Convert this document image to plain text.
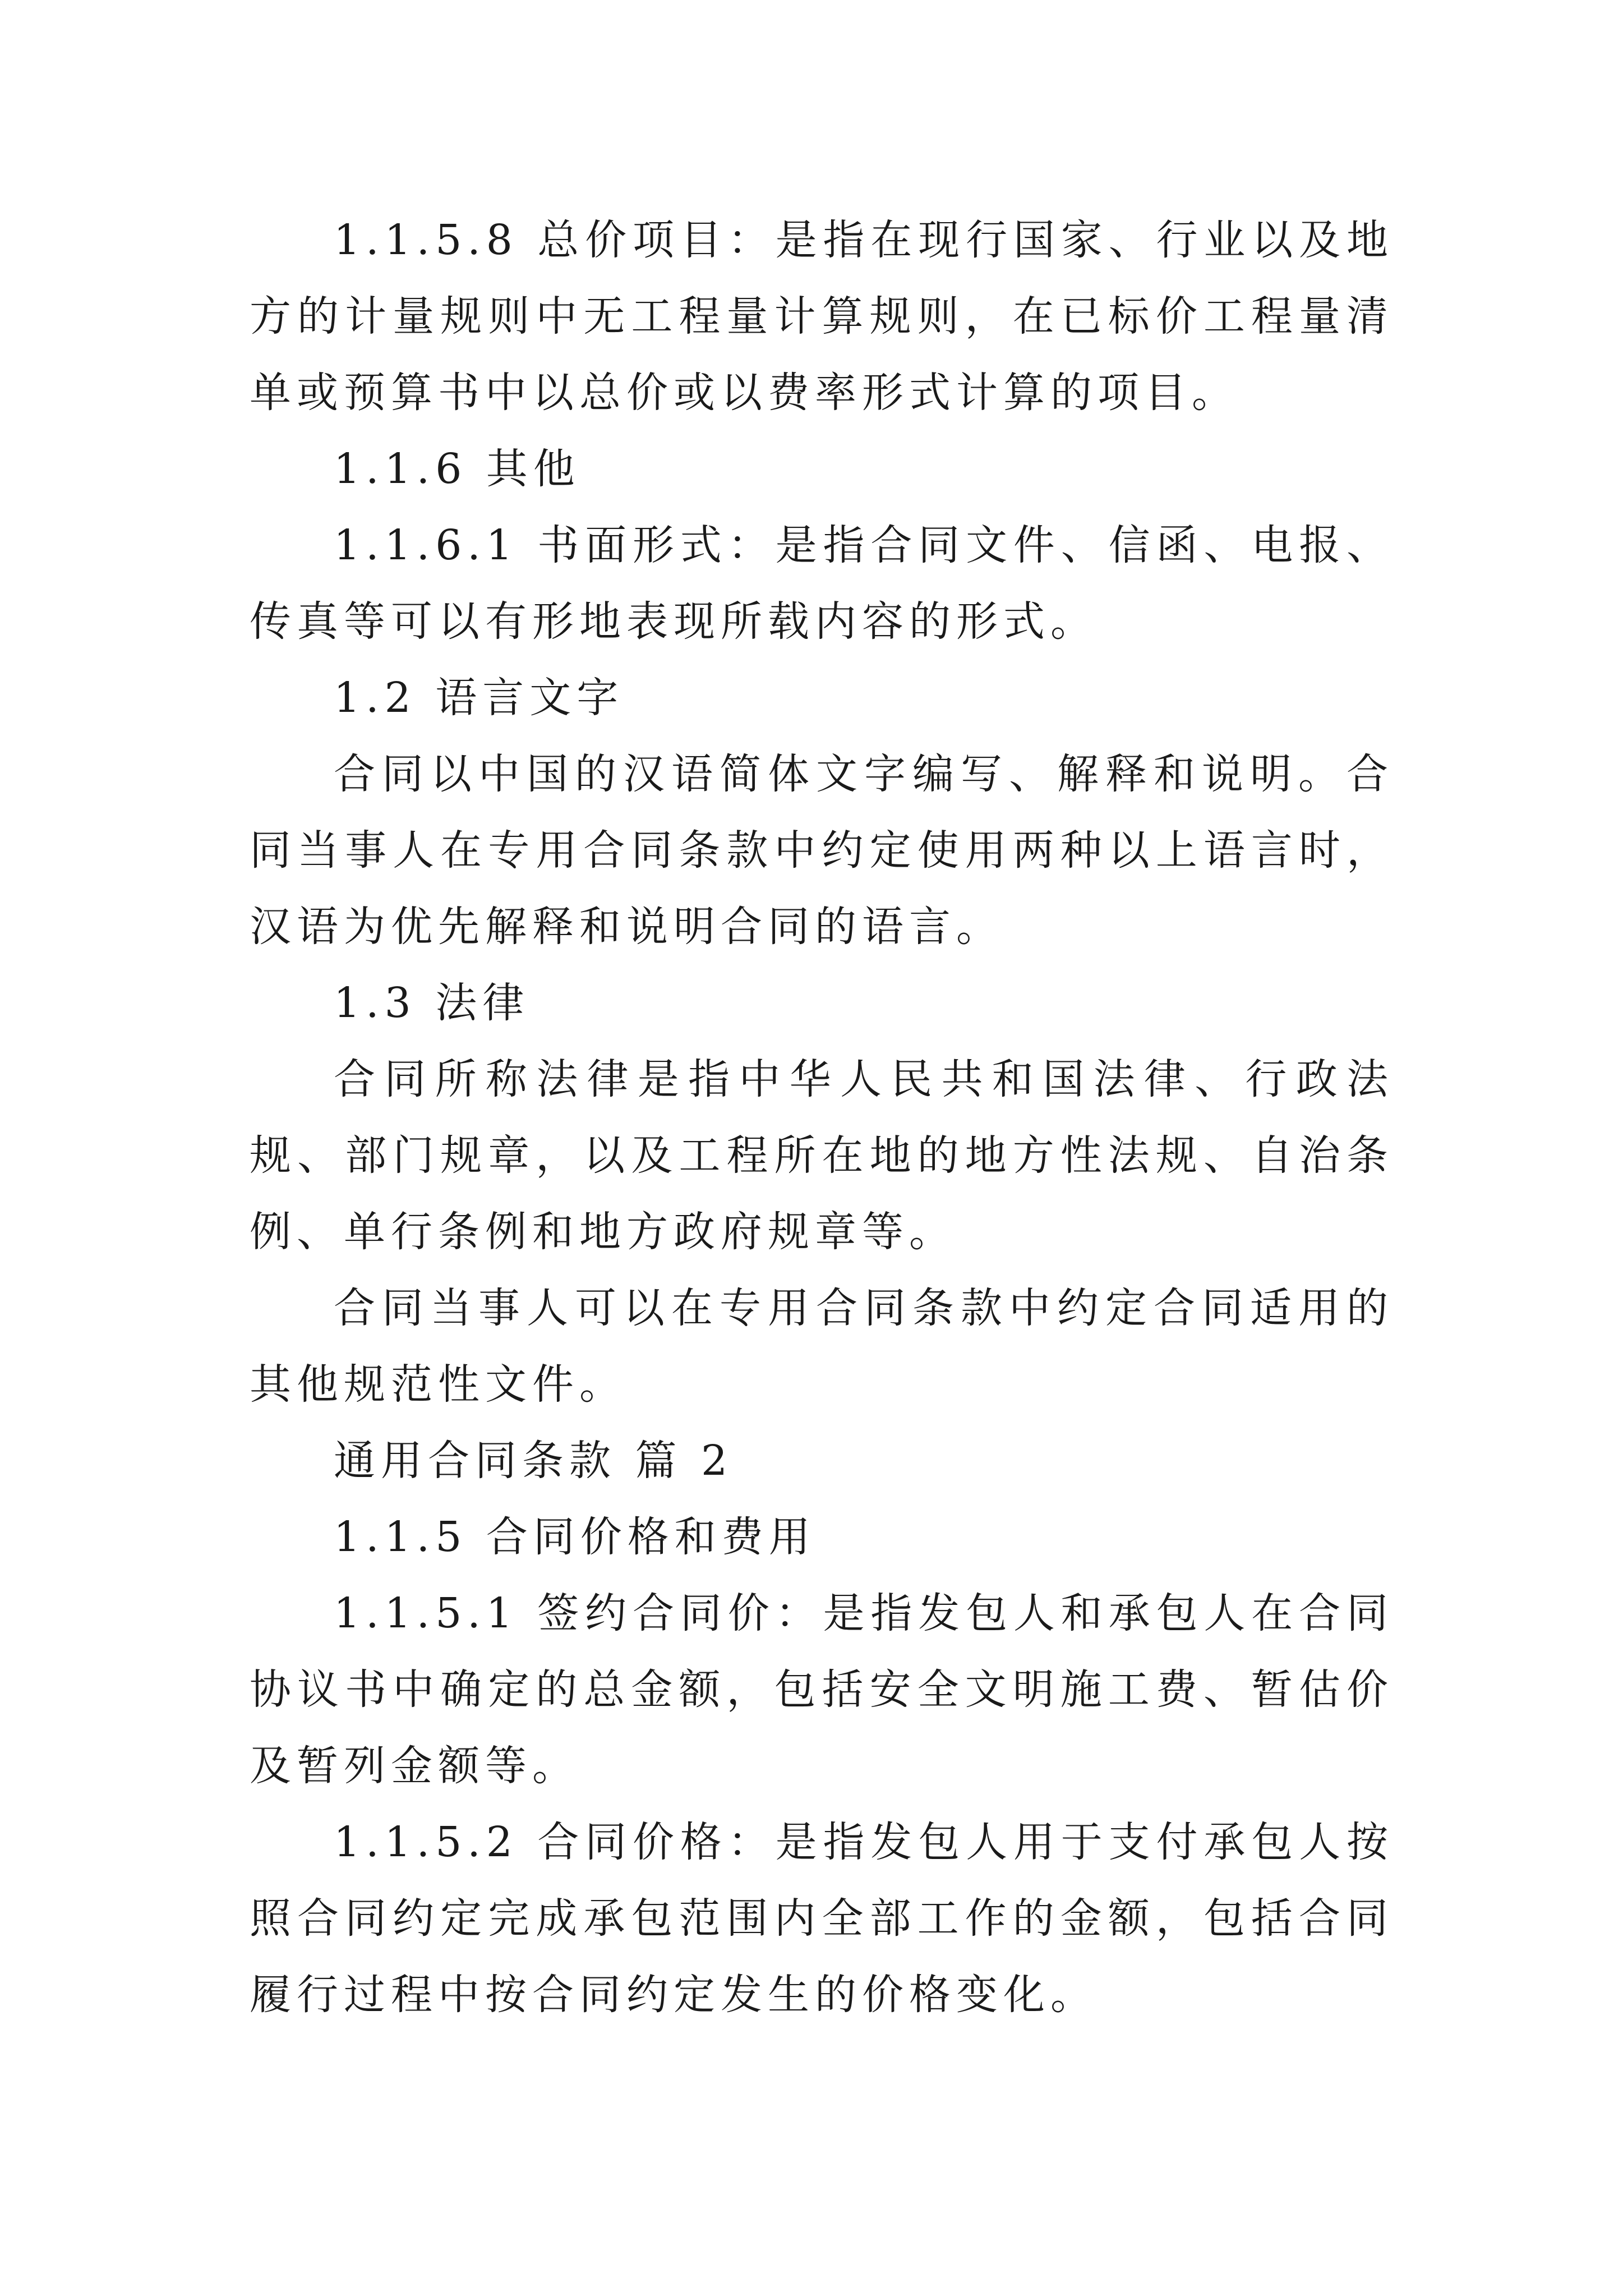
1.1.5.8 总价项目：是指在现行国家、行业以及地方的计量规则中无工程量计算规则，在已标价工程量清单或预算书中以总价或以费率形式计算的项目。

1.1.6 其他

1.1.6.1 书面形式：是指合同文件、信函、电报、传真等可以有形地表现所载内容的形式。

1.2 语言文字

合同以中国的汉语简体文字编写、解释和说明。合同当事人在专用合同条款中约定使用两种以上语言时，汉语为优先解释和说明合同的语言。

1.3 法律

合同所称法律是指中华人民共和国法律、行政法规、部门规章，以及工程所在地的地方性法规、自治条例、单行条例和地方政府规章等。

合同当事人可以在专用合同条款中约定合同适用的其他规范性文件。

通用合同条款 篇 2

1.1.5 合同价格和费用

1.1.5.1 签约合同价：是指发包人和承包人在合同协议书中确定的总金额，包括安全文明施工费、暂估价及暂列金额等。

1.1.5.2 合同价格：是指发包人用于支付承包人按照合同约定完成承包范围内全部工作的金额，包括合同履行过程中按合同约定发生的价格变化。
